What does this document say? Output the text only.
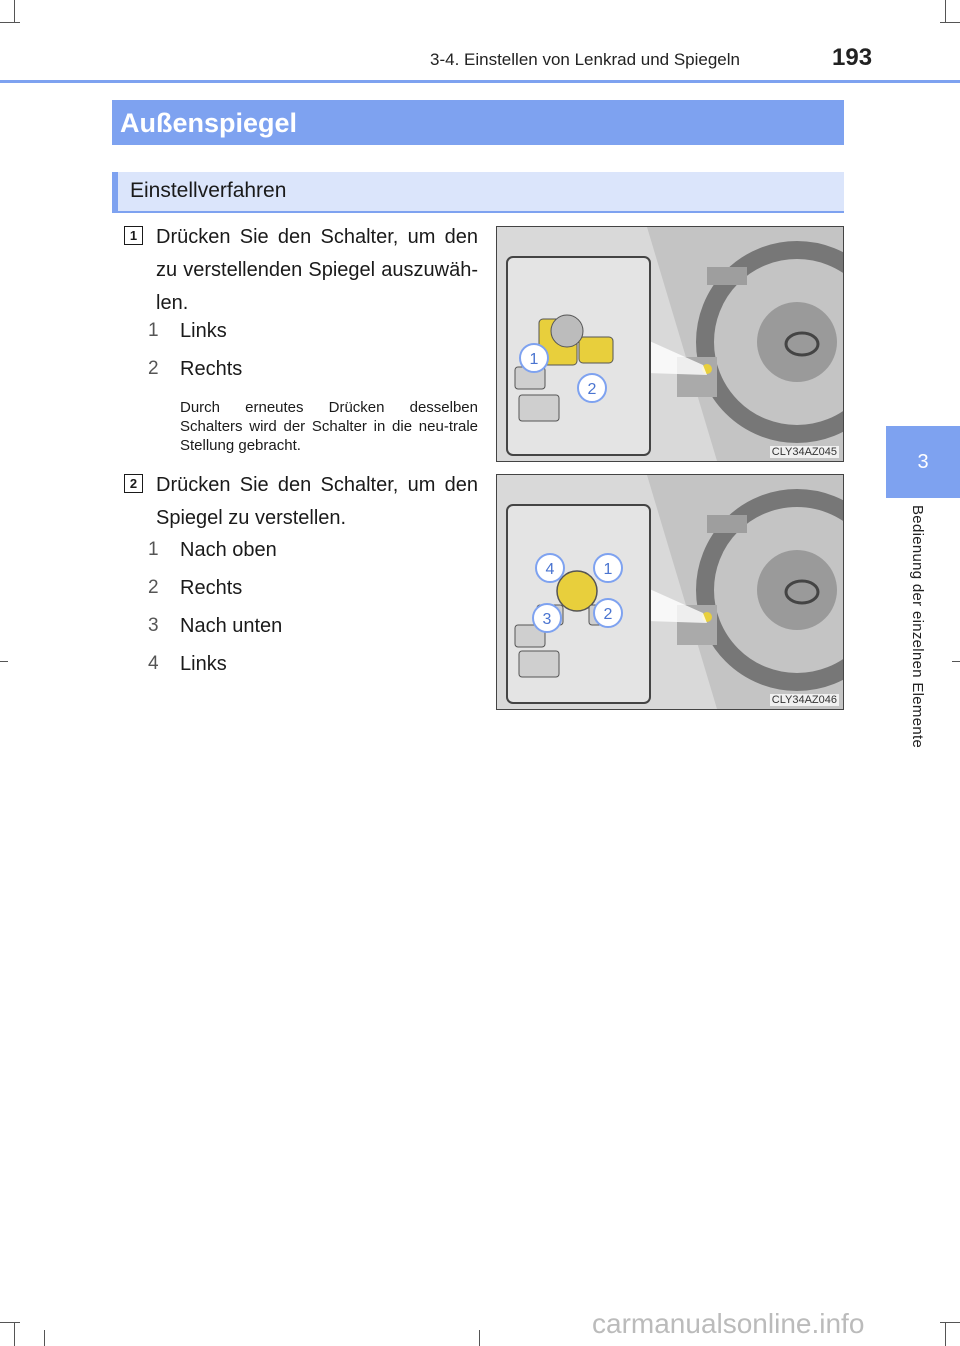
3-4. Einstellen von Lenkrad und Spiegeln	193
3
Bedienung der einzelnen Elemente
Außenspiegel
Einstellverfahren
1 Drücken Sie den Schalter, um den zu verstellenden Spiegel auszuwäh-len.
1 Links
2 Rechts
Durch erneutes Drücken desselben Schalters wird der Schalter in die neu-trale Stellung gebracht.
2 Drücken Sie den Schalter, um den Spiegel zu verstellen.
1 Nach oben
2 Rechts
3 Nach unten
4 Links
1
2
CLY34AZ045
4	1
3	2
CLY34AZ046
carmanualsonline.info
